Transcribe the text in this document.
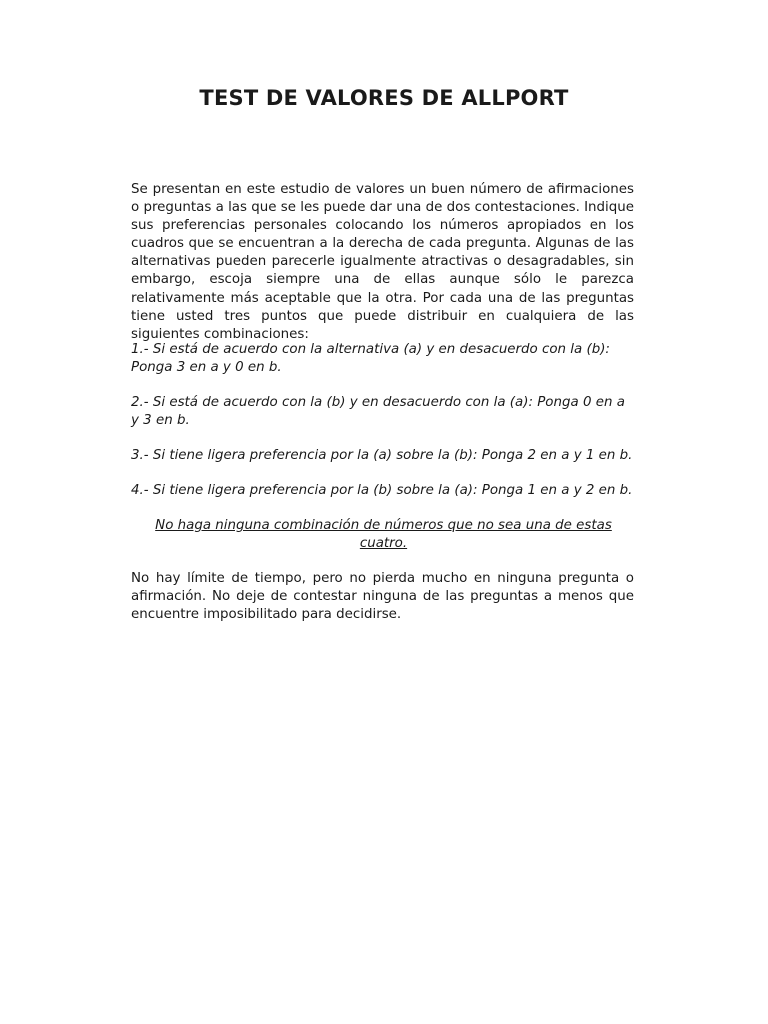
TEST DE VALORES DE ALLPORT

Se presentan en este estudio de valores un buen número de afirmaciones o preguntas a las que se les puede dar una de dos contestaciones. Indique sus preferencias personales colocando los números apropiados en los cuadros que se encuentran a la derecha de cada pregunta. Algunas de las alternativas pueden parecerle igualmente atractivas o desagradables, sin embargo, escoja siempre una de ellas aunque sólo le parezca relativamente más aceptable que la otra. Por cada una de las preguntas tiene usted tres puntos que puede distribuir en cualquiera de las siguientes combinaciones:

1.- Si está de acuerdo con la alternativa (a) y en desacuerdo con la (b): Ponga 3 en a y 0 en b.

2.- Si está de acuerdo con la (b) y en desacuerdo con la (a): Ponga 0 en a y 3 en b.

3.- Si tiene ligera preferencia por la (a) sobre la (b): Ponga 2 en a y 1 en b.

4.- Si tiene ligera preferencia por la (b) sobre la (a): Ponga 1 en a y 2 en b.

No haga ninguna combinación de números que no sea una de estas cuatro.

No hay límite de tiempo, pero no pierda mucho en ninguna pregunta o afirmación. No deje de contestar ninguna de las preguntas a menos que encuentre imposibilitado para decidirse.
